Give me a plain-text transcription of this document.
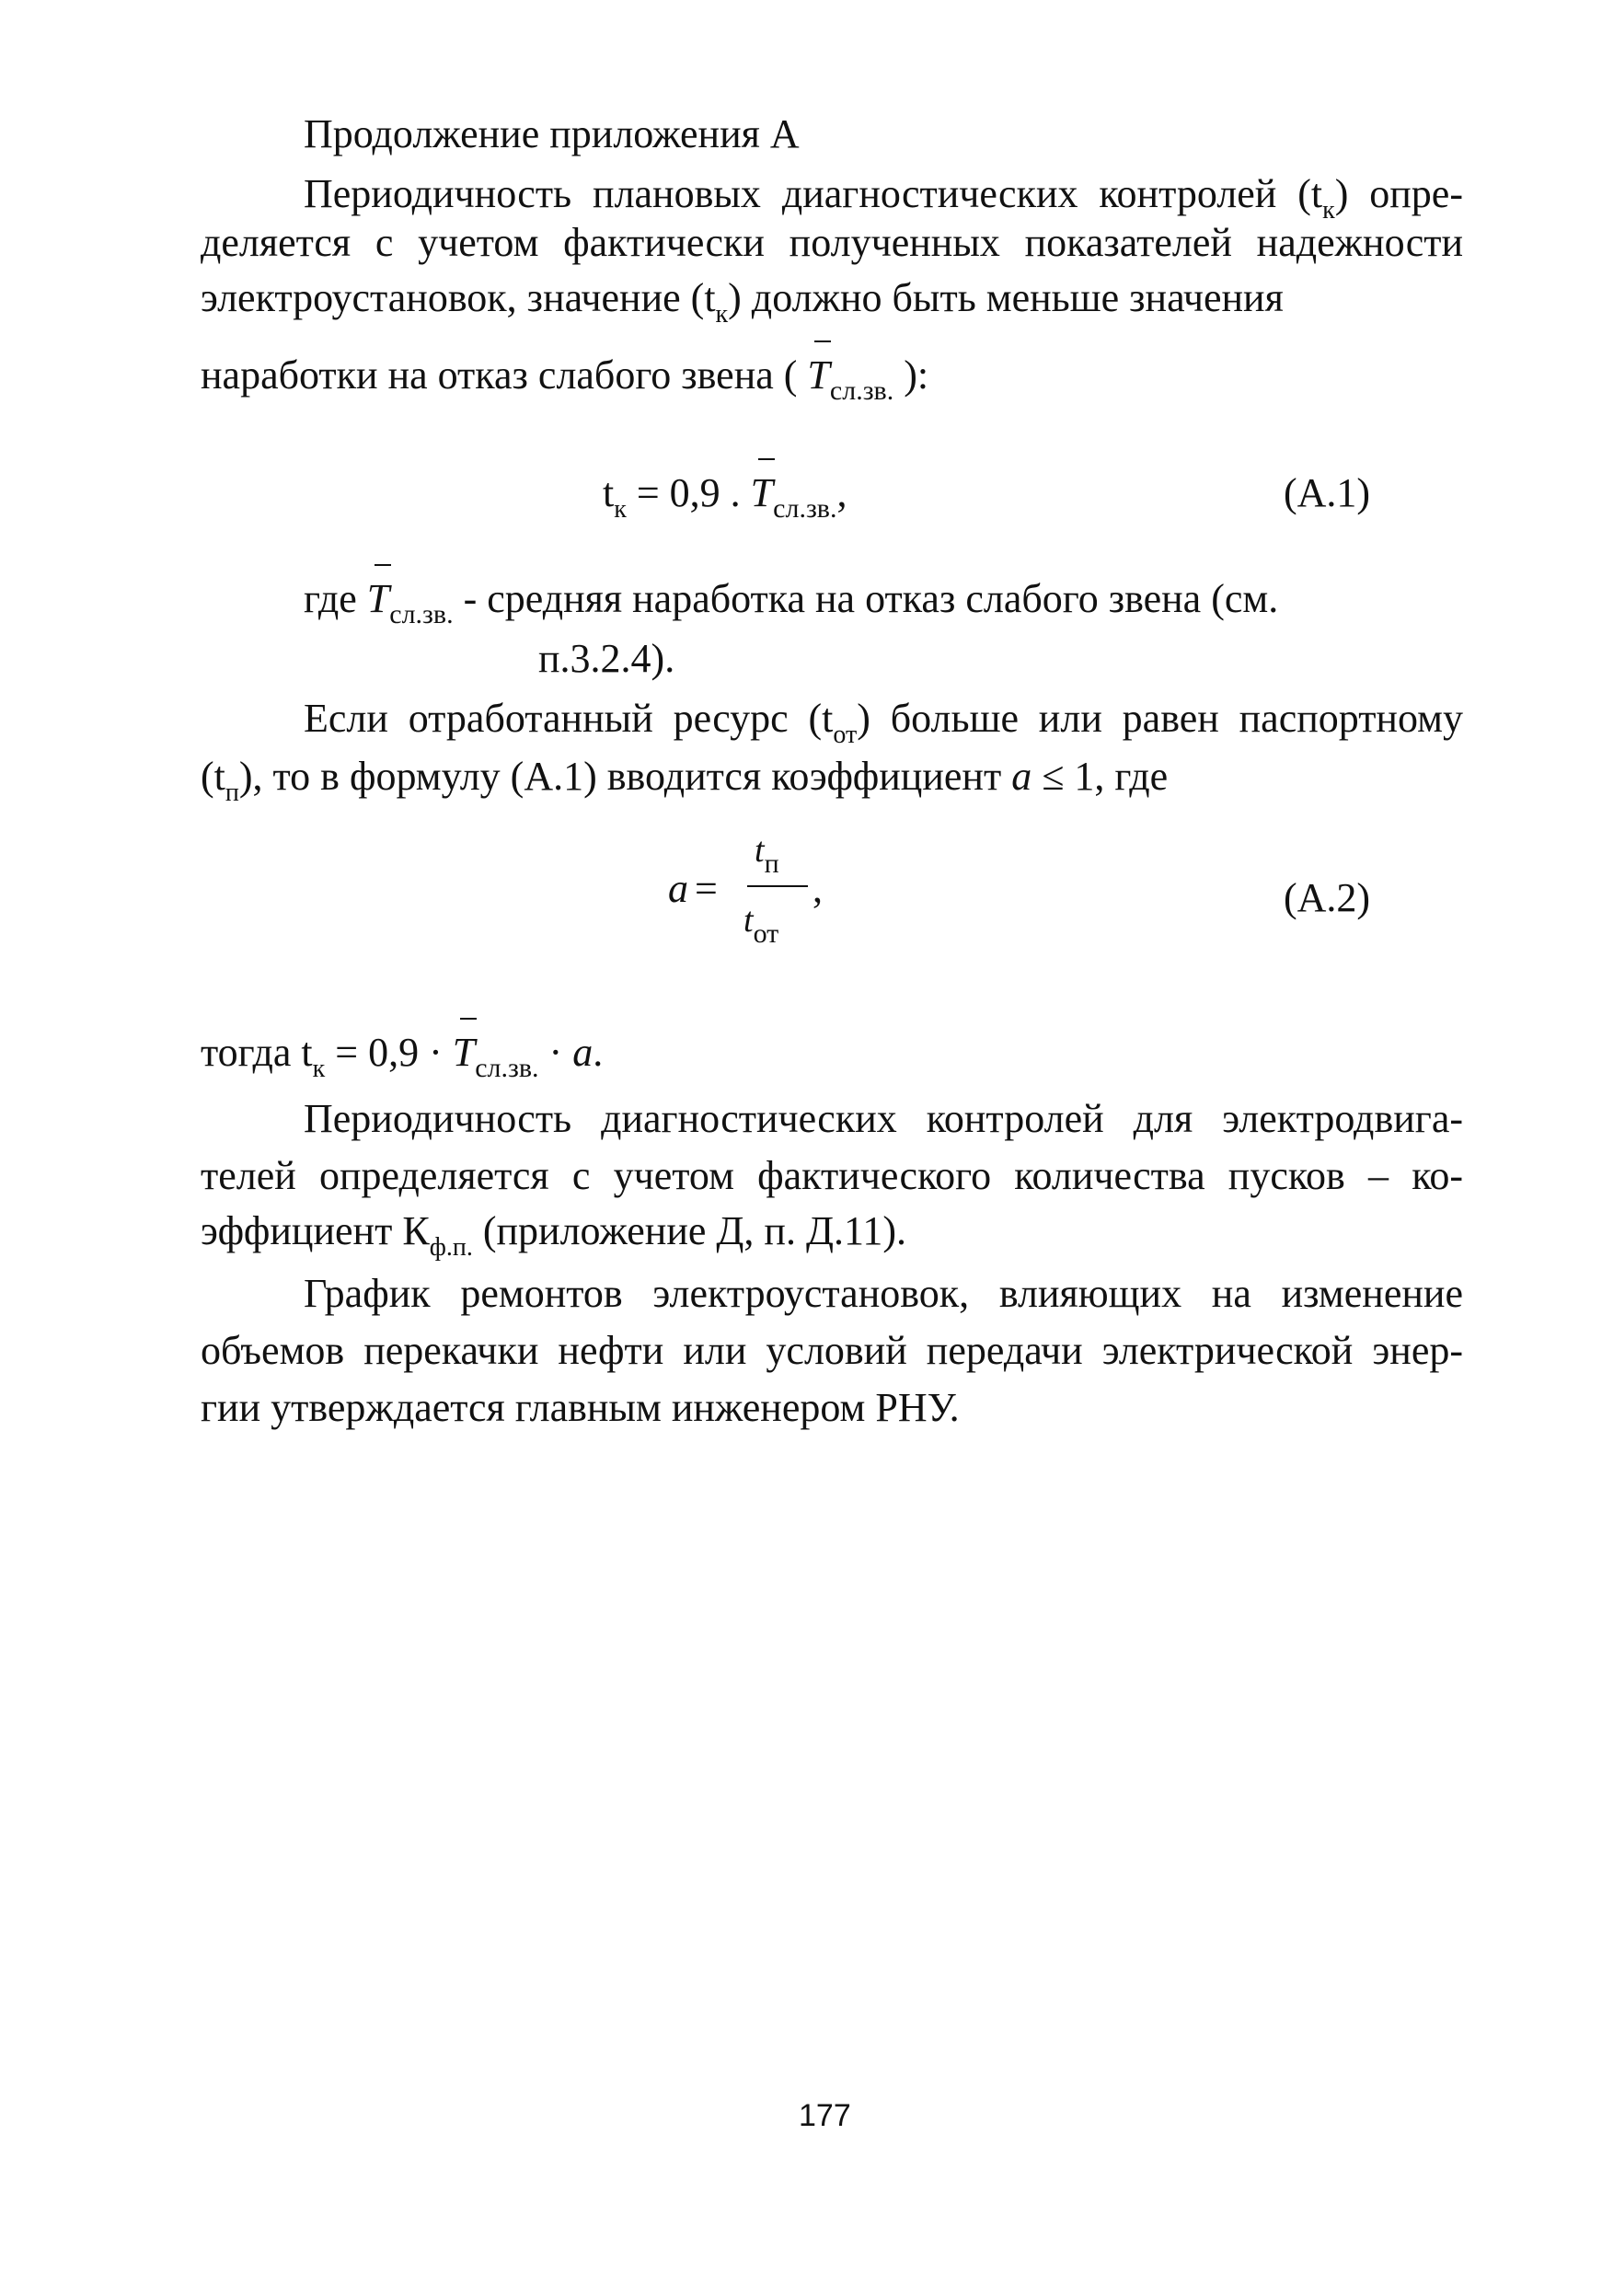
Продолжение приложения А
Периодичность плановых диагностических контролей $(t_к)$ опре-
деляется с учетом фактически полученных показателей надежности
электроустановок, значение $(t_к)$ должно быть меньше значения
наработки на отказ слабого звена ( $T_{сл.зв.}$ ):
$t_к = 0,9$ . $T_{сл.зв.}$,	(А.1)
где $T_{сл.зв.}$ - средняя наработка на отказ слабого звена (см.
п.3.2.4).
Если отработанный ресурс $(t_{от})$ больше или равен паспортному
$(t_п)$, то в формулу (А.1) вводится коэффициент a ≤ 1, где
a =
$t_п$
$t_{от}$
,	(А.2)
тогда $t_к = 0,9 \cdot T_{сл.зв.} \cdot a$.
Периодичность диагностических контролей для электродвига-
телей определяется с учетом фактического количества пусков – ко-
эффициент $К_{ф.п.}$ (приложение Д, п. Д.11).
График ремонтов электроустановок, влияющих на изменение
объемов перекачки нефти или условий передачи электрической энер-
гии утверждается главным инженером РНУ.
177
